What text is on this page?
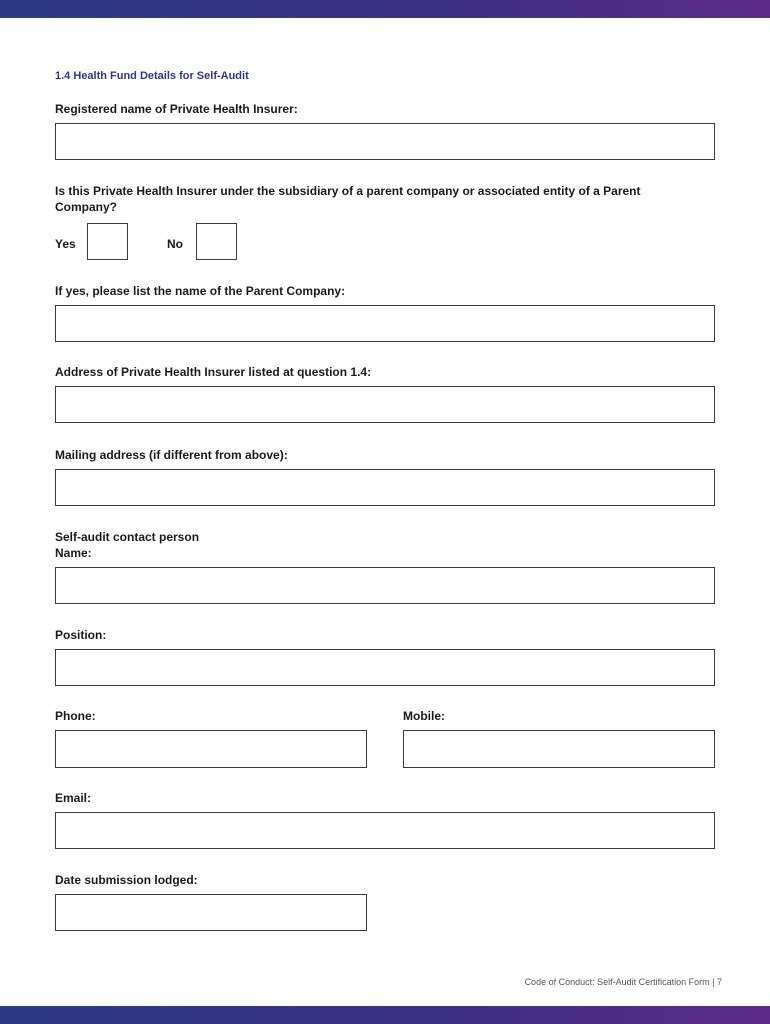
1.4 Health Fund Details for Self-Audit
Registered name of Private Health Insurer:
Is this Private Health Insurer under the subsidiary of a parent company or associated entity of a Parent Company?
Yes	No
If yes, please list the name of the Parent Company:
Address of Private Health Insurer listed at question 1.4:
Mailing address (if different from above):
Self-audit contact person
Name:
Position:
Phone:	Mobile:
Email:
Date submission lodged:
Code of Conduct: Self-Audit Certification Form | 7
